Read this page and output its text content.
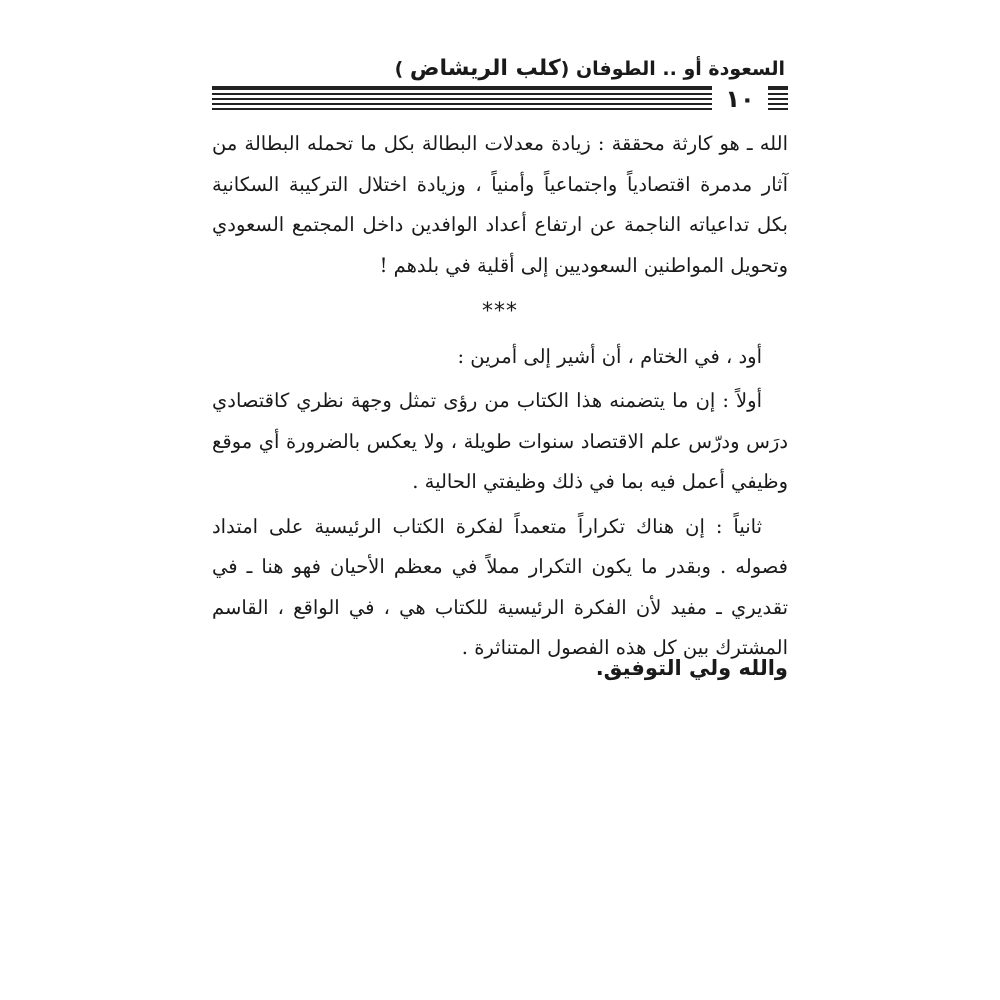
السعودة أو .. الطوفان (كلب الريشاض )
١٠

الله ـ هو كارثة محققة : زيادة معدلات البطالة بكل ما تحمله البطالة من آثار مدمرة اقتصادياً واجتماعياً وأمنياً ، وزيادة اختلال التركيبة السكانية بكل تداعياته الناجمة عن ارتفاع أعداد الوافدين داخل المجتمع السعودي وتحويل المواطنين السعوديين إلى أقلية في بلدهم !

***

أود ، في الختام ، أن أشير إلى أمرين :

أولاً : إن ما يتضمنه هذا الكتاب من رؤى تمثل وجهة نظري كاقتصادي درَس ودرّس علم الاقتصاد سنوات طويلة ، ولا يعكس بالضرورة أي موقع وظيفي أعمل فيه بما في ذلك وظيفتي الحالية .

ثانياً : إن هناك تكراراً متعمداً لفكرة الكتاب الرئيسية على امتداد فصوله . وبقدر ما يكون التكرار مملاً في معظم الأحيان فهو هنا ـ في تقديري ـ مفيد لأن الفكرة الرئيسية للكتاب هي ، في الواقع ، القاسم المشترك بين كل هذه الفصول المتناثرة .

والله ولي التوفيق.
